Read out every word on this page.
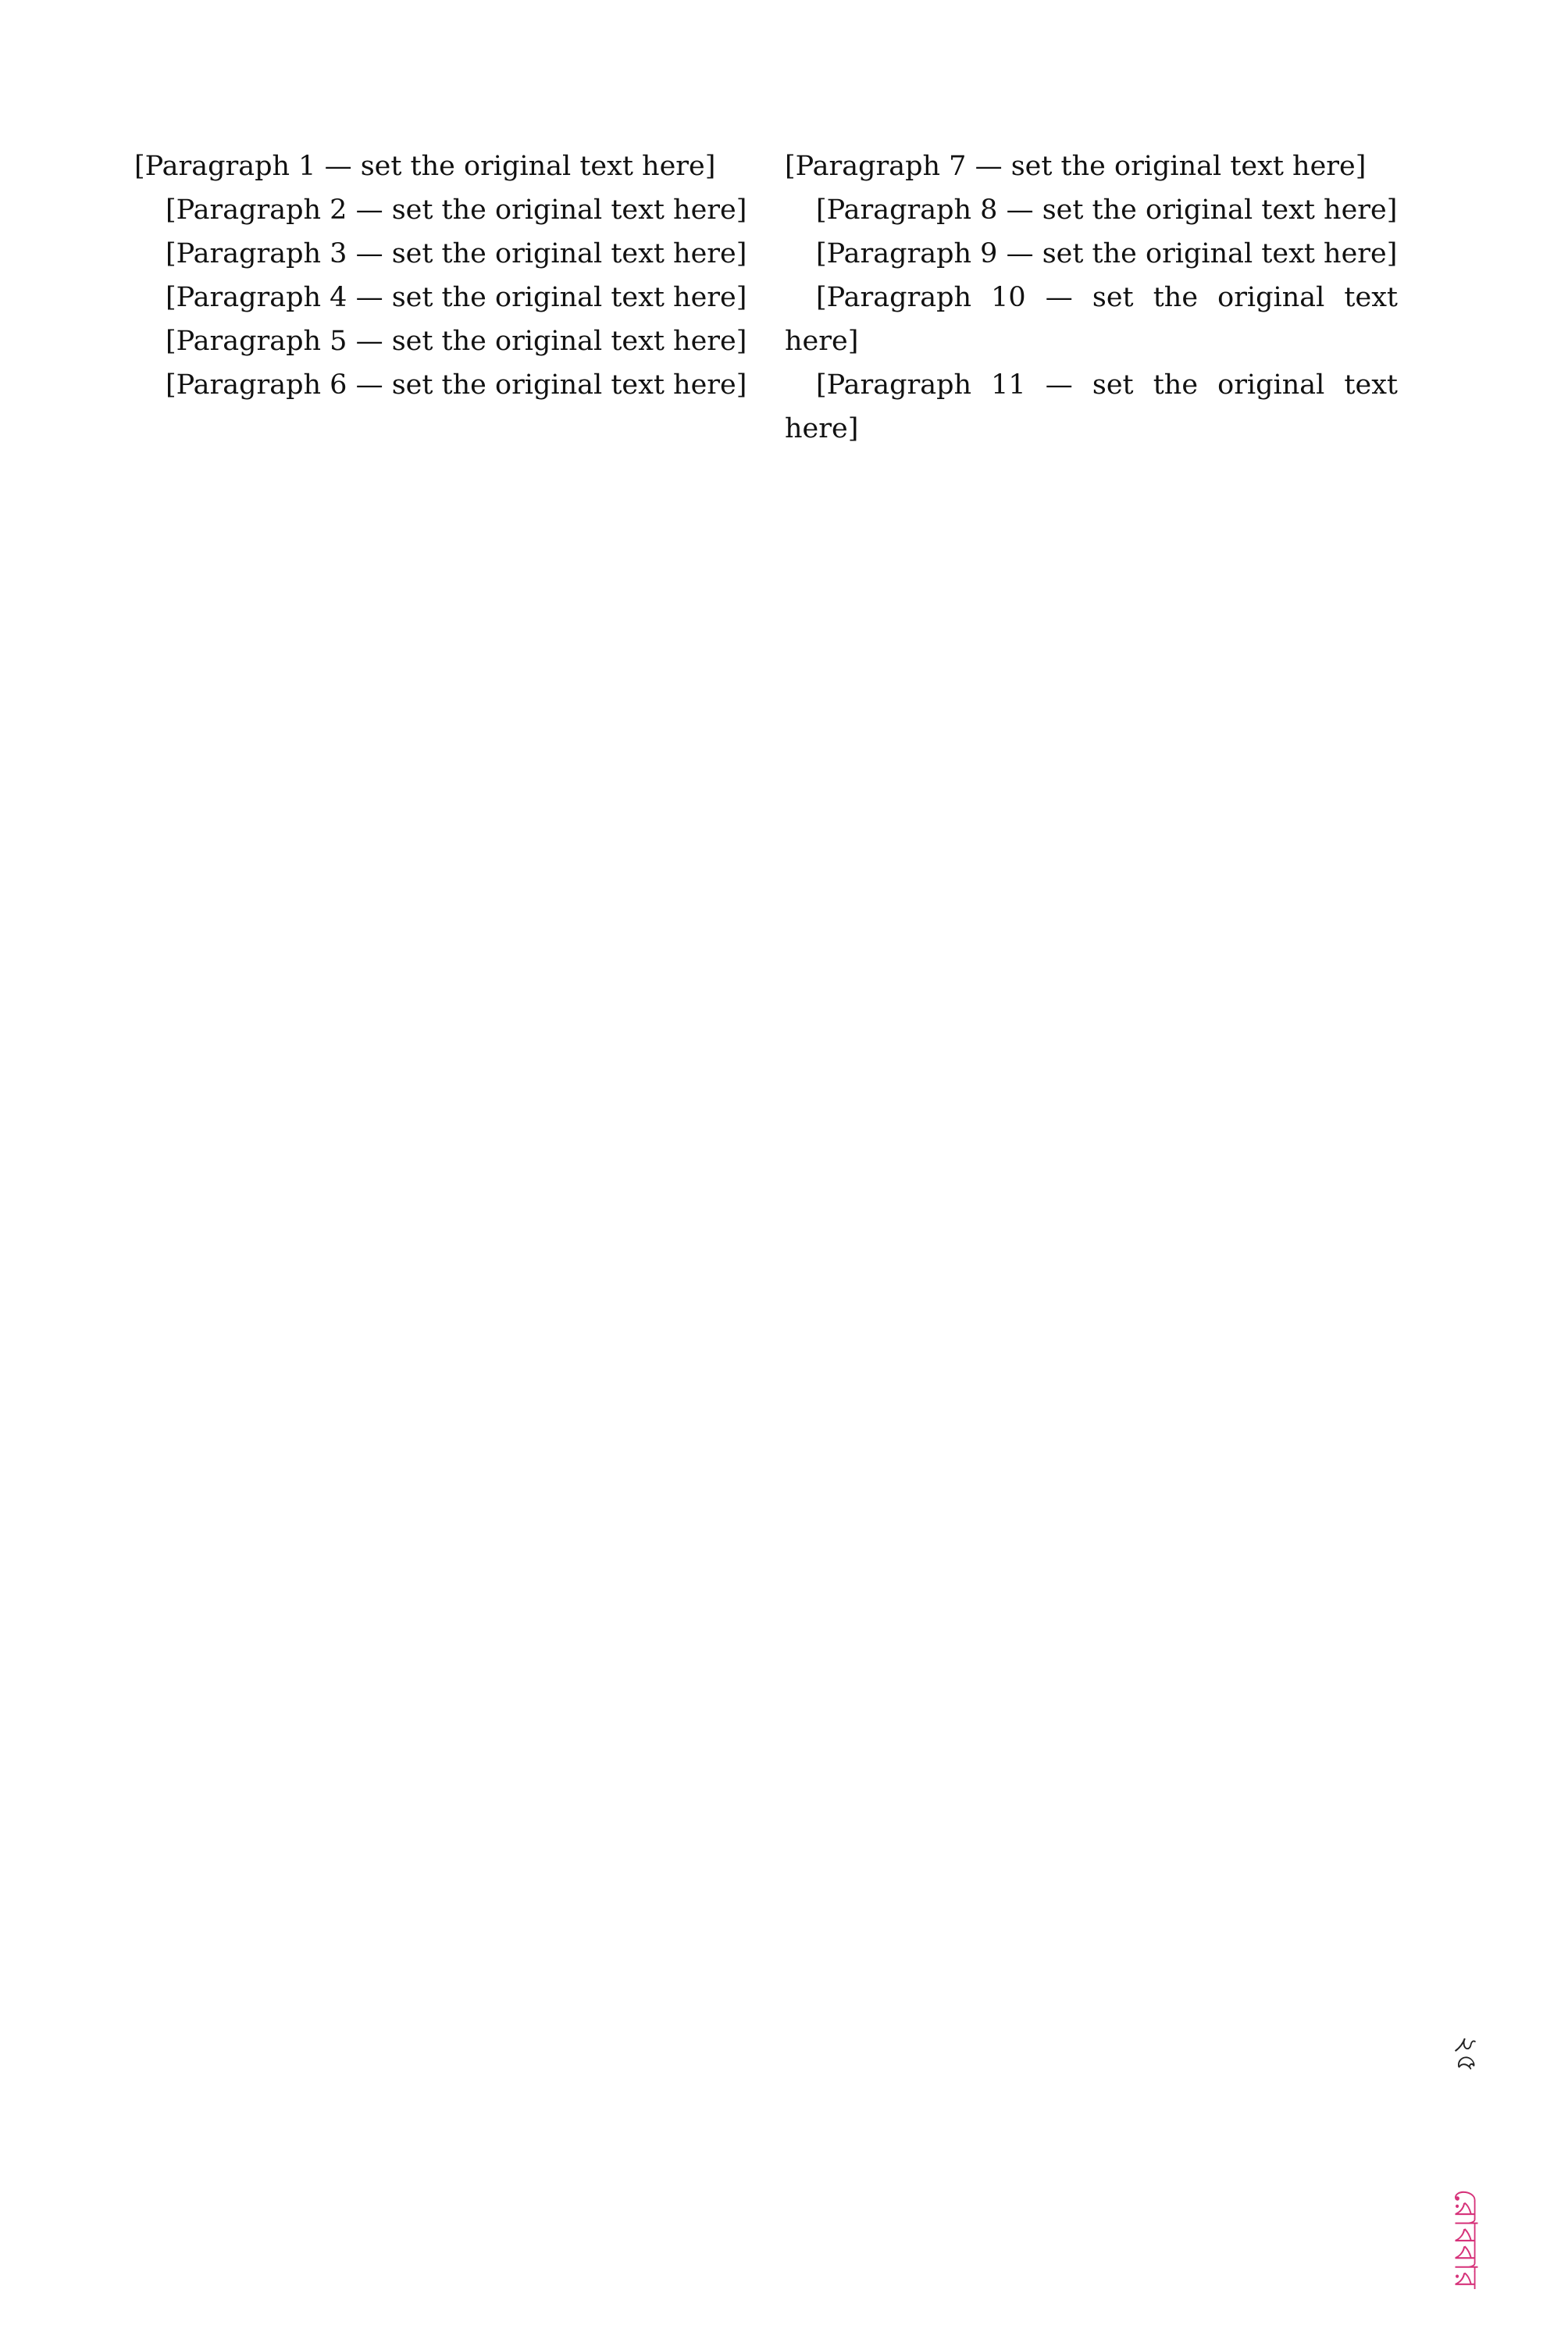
[Paragraph 1 — set the original text here]

[Paragraph 2 — set the original text here]

[Paragraph 3 — set the original text here]

[Paragraph 4 — set the original text here]

[Paragraph 5 — set the original text here]

[Paragraph 6 — set the original text here]

[Paragraph 7 — set the original text here]

[Paragraph 8 — set the original text here]

[Paragraph 9 — set the original text here]

[Paragraph 10 — set the original text here]

[Paragraph 11 — set the original text here]

২৫
রোববার
